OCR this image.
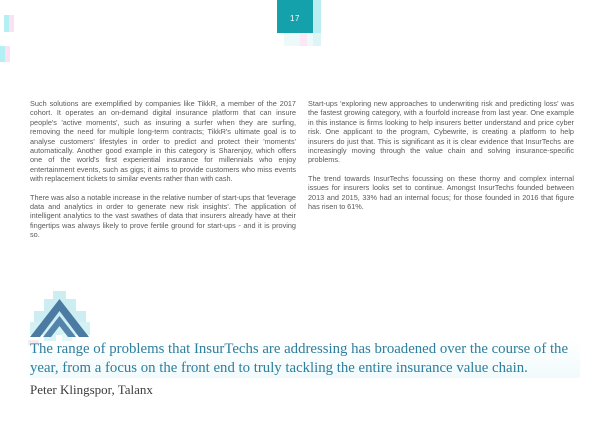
17

Such solutions are exemplified by companies like TikkR, a member of the 2017 cohort. It operates an on-demand digital insurance platform that can insure people's 'active moments', such as insuring a surfer when they are surfing, removing the need for multiple long-term contracts; TikkR's ultimate goal is to analyse customers' lifestyles in order to predict and protect their 'moments' automatically. Another good example in this category is Sharenjoy, which offers one of the world's first experiential insurance for millennials who enjoy entertainment events, such as gigs; it aims to provide customers who miss events with replacement tickets to similar events rather than with cash.

There was also a notable increase in the relative number of start-ups that 'leverage data and analytics in order to generate new risk insights'. The application of intelligent analytics to the vast swathes of data that insurers already have at their fingertips was always likely to prove fertile ground for start-ups - and it is proving so.

Start-ups 'exploring new approaches to underwriting risk and predicting loss' was the fastest growing category, with a fourfold increase from last year. One example in this instance is firms looking to help insurers better understand and price cyber risk. One applicant to the program, Cybewrite, is creating a platform to help insurers do just that. This is significant as it is clear evidence that InsurTechs are increasingly moving through the value chain and solving insurance-specific problems.

The trend towards InsurTechs focussing on these thorny and complex internal issues for insurers looks set to continue. Amongst InsurTechs founded between 2013 and 2015, 33% had an internal focus; for those founded in 2016 that figure has risen to 61%.

The range of problems that InsurTechs are addressing has broadened over the course of the year, from a focus on the front end to truly tackling the entire insurance value chain.
Peter Klingspor, Talanx
